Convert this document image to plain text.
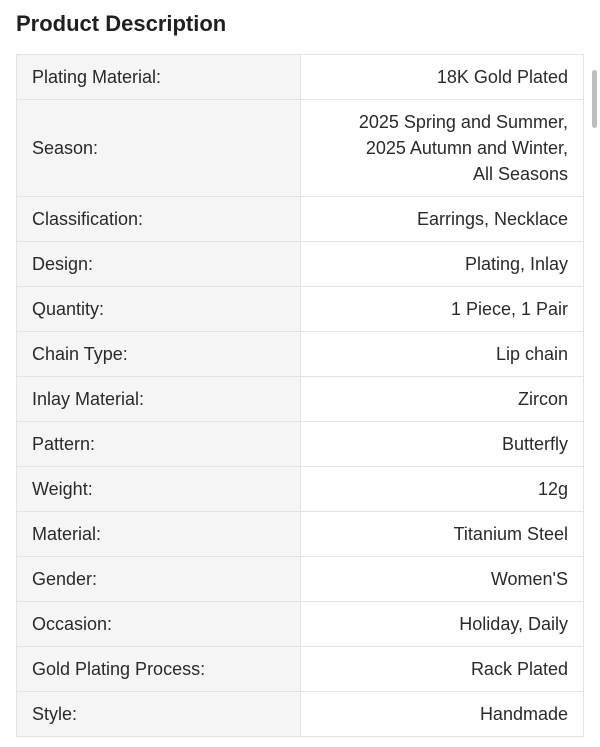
Product Description
Plating Material:	18K Gold Plated
Season:	2025 Spring and Summer,
2025 Autumn and Winter,
All Seasons
Classification:	Earrings, Necklace
Design:	Plating, Inlay
Quantity:	1 Piece, 1 Pair
Chain Type:	Lip chain
Inlay Material:	Zircon
Pattern:	Butterfly
Weight:	12g
Material:	Titanium Steel
Gender:	Women'S
Occasion:	Holiday, Daily
Gold Plating Process:	Rack Plated
Style:	Handmade
